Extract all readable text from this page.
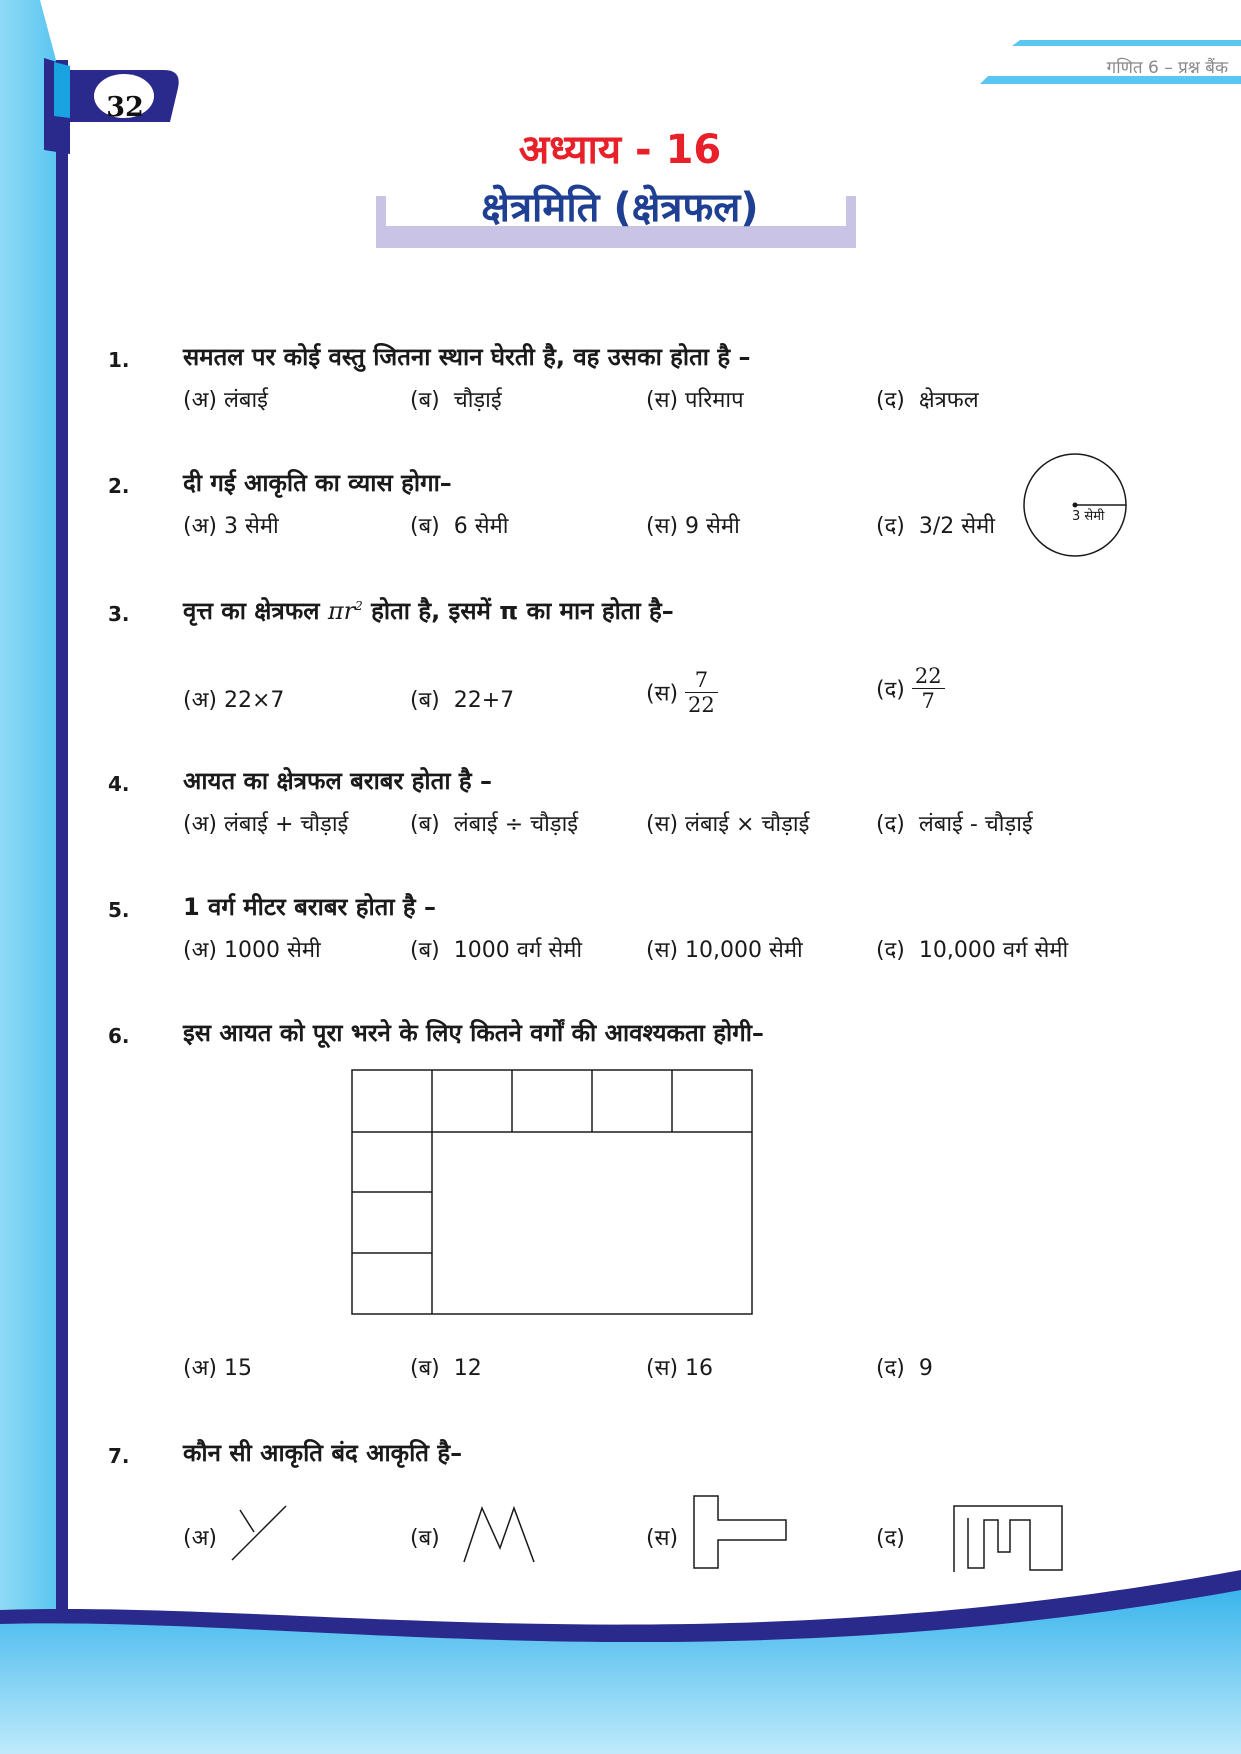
32
गणित 6 – प्रश्न बैंक
अध्याय - 16
क्षेत्रमिति (क्षेत्रफल)
1.	समतल पर कोई वस्तु जितना स्थान घेरती है, वह उसका होता है –
(अ) लंबाई	(ब) चौड़ाई	(स) परिमाप	(द) क्षेत्रफल
2.	दी गई आकृति का व्यास होगा–
(अ) 3 सेमी	(ब) 6 सेमी	(स) 9 सेमी	(द) 3/2 सेमी	3 सेमी
3.	वृत्त का क्षेत्रफल $\pi r^2$ होता है, इसमें π का मान होता है–
(अ) 22×7	(ब) 22+7	(स) $\frac{7}{22}$	(द) $\frac{22}{7}$
4.	आयत का क्षेत्रफल बराबर होता है –
(अ) लंबाई + चौड़ाई	(ब) लंबाई ÷ चौड़ाई	(स) लंबाई × चौड़ाई	(द) लंबाई - चौड़ाई
5.	1 वर्ग मीटर बराबर होता है –
(अ) 1000 सेमी	(ब) 1000 वर्ग सेमी	(स) 10,000 सेमी	(द) 10,000 वर्ग सेमी
6.	इस आयत को पूरा भरने के लिए कितने वर्गों की आवश्यकता होगी–
(अ) 15	(ब) 12	(स) 16	(द) 9
7.	कौन सी आकृति बंद आकृति है–
(अ)	(ब)	(स)	(द)
